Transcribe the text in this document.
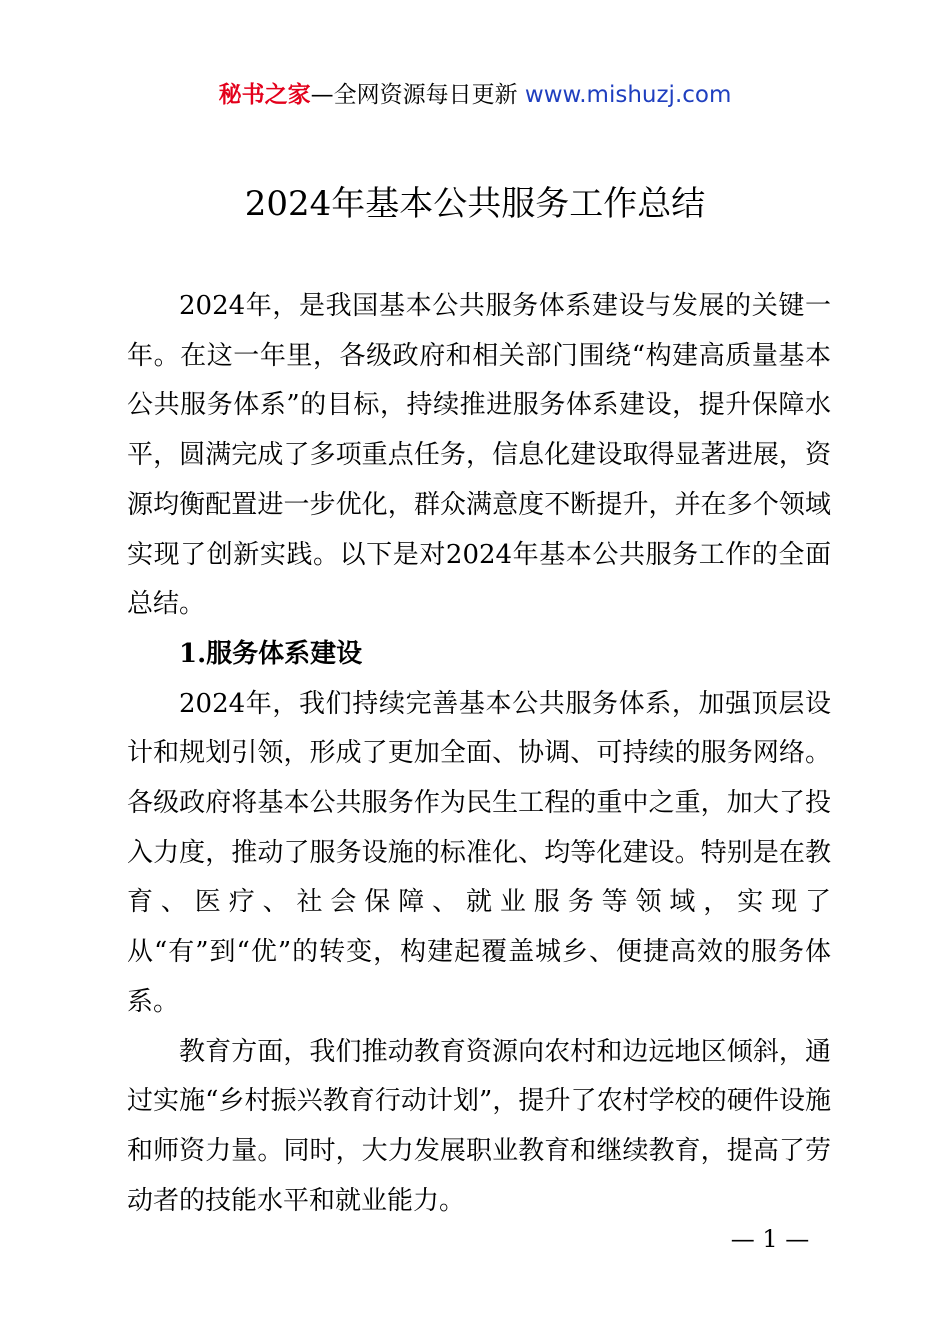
秘书之家—全网资源每日更新 www.mishuzj.com
2024年基本公共服务工作总结

2024年，是我国基本公共服务体系建设与发展的关键一年。在这一年里，各级政府和相关部门围绕“构建高质量基本公共服务体系”的目标，持续推进服务体系建设，提升保障水平，圆满完成了多项重点任务，信息化建设取得显著进展，资源均衡配置进一步优化，群众满意度不断提升，并在多个领域实现了创新实践。以下是对2024年基本公共服务工作的全面总结。

1.服务体系建设

2024年，我们持续完善基本公共服务体系，加强顶层设计和规划引领，形成了更加全面、协调、可持续的服务网络。各级政府将基本公共服务作为民生工程的重中之重，加大了投入力度，推动了服务设施的标准化、均等化建设。特别是在教育、医疗、社会保障、就业服务等领域，实现了从“有”到“优”的转变，构建起覆盖城乡、便捷高效的服务体系。

教育方面，我们推动教育资源向农村和边远地区倾斜，通过实施“乡村振兴教育行动计划”，提升了农村学校的硬件设施和师资力量。同时，大力发展职业教育和继续教育，提高了劳动者的技能水平和就业能力。

— 1 —
